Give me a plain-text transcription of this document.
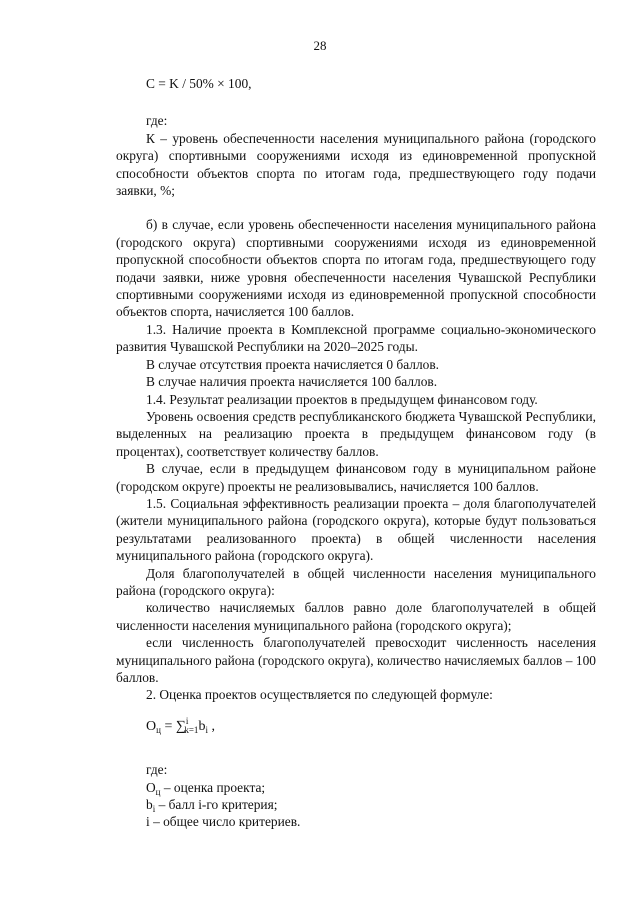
28

C = K / 50% × 100,

где:

К – уровень обеспеченности населения муниципального района (городского округа) спортивными сооружениями исходя из единовременной пропускной способности объектов спорта по итогам года, предшествующего году подачи заявки, %;

б) в случае, если уровень обеспеченности населения муниципального района (городского округа) спортивными сооружениями исходя из единовременной пропускной способности объектов спорта по итогам года, предшествующего году подачи заявки, ниже уровня обеспеченности населения Чувашской Республики спортивными сооружениями исходя из единовременной пропускной способности объектов спорта, начисляется 100 баллов.

1.3. Наличие проекта в Комплексной программе социально-экономического развития Чувашской Республики на 2020–2025 годы.

В случае отсутствия проекта начисляется 0 баллов.

В случае наличия проекта начисляется 100 баллов.

1.4. Результат реализации проектов в предыдущем финансовом году.

Уровень освоения средств республиканского бюджета Чувашской Республики, выделенных на реализацию проекта в предыдущем финансовом году (в процентах), соответствует количеству баллов.

В случае, если в предыдущем финансовом году в муниципальном районе (городском округе) проекты не реализовывались, начисляется 100 баллов.

1.5. Социальная эффективность реализации проекта – доля благополучателей (жители муниципального района (городского округа), которые будут пользоваться результатами реализованного проекта) в общей численности населения муниципального района (городского округа).

Доля благополучателей в общей численности населения муниципального района (городского округа):

количество начисляемых баллов равно доле благополучателей в общей численности населения муниципального района (городского округа);

если численность благополучателей превосходит численность населения муниципального района (городского округа), количество начисляемых баллов – 100 баллов.

2. Оценка проектов осуществляется по следующей формуле:

$О_ц = \sum^i_{k=1}b_i$ ,

где:

$О_ц$ – оценка проекта;

$b_i$ – балл i-го критерия;

i – общее число критериев.
